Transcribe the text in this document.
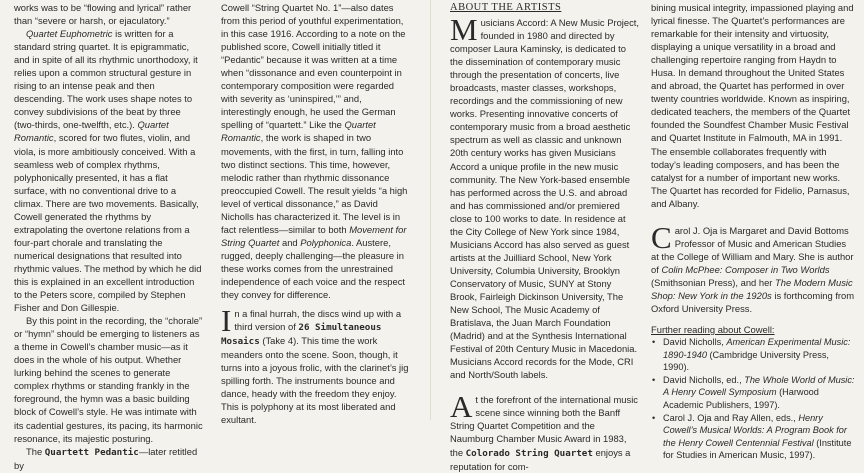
works was to be “flowing and lyrical” rather than “severe or harsh, or ejaculatory.”

Quartet Euphometric is written for a standard string quartet. It is epigrammatic, and in spite of all its rhythmic unorthodoxy, it relies upon a common structural gesture in rising to an intense peak and then descending. The work uses shape notes to convey subdivisions of the beat by three (two-thirds, one-twelfth, etc.). Quartet Romantic, scored for two flutes, violin, and viola, is more ambitiously conceived. With a seamless web of complex rhythms, polyphonically presented, it has a flat surface, with no conventional drive to a climax. There are two movements. Basically, Cowell generated the rhythms by extrapolating the overtone relations from a four-part chorale and translating the numerical designations that resulted into rhythmic values. The method by which he did this is explained in an excellent introduction to the Peters score, compiled by Stephen Fisher and Don Gillespie.

By this point in the recording, the “chorale” or “hymn” should be emerging to listeners as a theme in Cowell’s chamber music—as it does in the whole of his output. Whether lurking behind the scenes to generate complex rhythms or standing frankly in the foreground, the hymn was a basic building block of Cowell’s style. He was intimate with its cadential gestures, its pacing, its harmonic resonance, its majestic posturing.

The Quartett Pedantic—later retitled by

Cowell “String Quartet No. 1”—also dates from this period of youthful experimentation, in this case 1916. According to a note on the published score, Cowell initially titled it “Pedantic” because it was written at a time when “dissonance and even counterpoint in contemporary composition were regarded with severity as ‘uninspired,’” and, interestingly enough, he used the German spelling of “quartett.” Like the Quartet Romantic, the work is shaped in two movements, with the first, in turn, falling into two distinct sections. This time, however, melodic rather than rhythmic dissonance preoccupied Cowell. The result yields “a high level of vertical dissonance,” as David Nicholls has characterized it. The level is in fact relentless—similar to both Movement for String Quartet and Polyphonica. Austere, rugged, deeply challenging—the pleasure in these works comes from the unrestrained independence of each voice and the respect they convey for difference.

In a final hurrah, the discs wind up with a third version of 26 Simultaneous Mosaics (Take 4). This time the work meanders onto the scene. Soon, though, it turns into a joyous frolic, with the clarinet’s jig spilling forth. The instruments bounce and dance, heady with the freedom they enjoy. This is polyphony at its most liberated and exultant.

ABOUT THE ARTISTS

Musicians Accord: A New Music Project, founded in 1980 and directed by composer Laura Kaminsky, is dedicated to the dissemination of contemporary music through the presentation of concerts, live broadcasts, master classes, workshops, recordings and the commissioning of new works. Presenting innovative concerts of contemporary music from a broad aesthetic spectrum as well as classic and unknown 20th century works has given Musicians Accord a unique profile in the new music community. The New York-based ensemble has performed across the U.S. and abroad and has commissioned and/or premiered close to 100 works to date. In residence at the City College of New York since 1984, Musicians Accord has also served as guest artists at the Juilliard School, New York University, Columbia University, Brooklyn Conservatory of Music, SUNY at Stony Brook, Fairleigh Dickinson University, The New School, The Music Academy of Bratislava, the Juan March Foundation (Madrid) and at the Synthesis International Festival of 20th Century Music in Macedonia. Musicians Accord records for the Mode, CRI and North/South labels.

At the forefront of the international music scene since winning both the Banff String Quartet Competition and the Naumburg Chamber Music Award in 1983, the Colorado String Quartet enjoys a reputation for com-

bining musical integrity, impassioned playing and lyrical finesse. The Quartet’s performances are remarkable for their intensity and virtuosity, displaying a unique versatility in a broad and challenging repertoire ranging from Haydn to Husa. In demand throughout the United States and abroad, the Quartet has performed in over twenty countries worldwide. Known as inspiring, dedicated teachers, the members of the Quartet founded the Soundfest Chamber Music Festival and Quartet Institute in Falmouth, MA in 1991. The ensemble collaborates frequently with today’s leading composers, and has been the catalyst for a number of important new works. The Quartet has recorded for Fidelio, Parnasus, and Albany.

Carol J. Oja is Margaret and David Bottoms Professor of Music and American Studies at the College of William and Mary. She is author of Colin McPhee: Composer in Two Worlds (Smithsonian Press), and her The Modern Music Shop: New York in the 1920s is forthcoming from Oxford University Press.

Further reading about Cowell:
• David Nicholls, American Experimental Music: 1890-1940 (Cambridge University Press, 1990).
• David Nicholls, ed., The Whole World of Music: A Henry Cowell Symposium (Harwood Academic Publishers, 1997).
• Carol J. Oja and Ray Allen, eds., Henry Cowell’s Musical Worlds: A Program Book for the Henry Cowell Centennial Festival (Institute for Studies in American Music, 1997).
